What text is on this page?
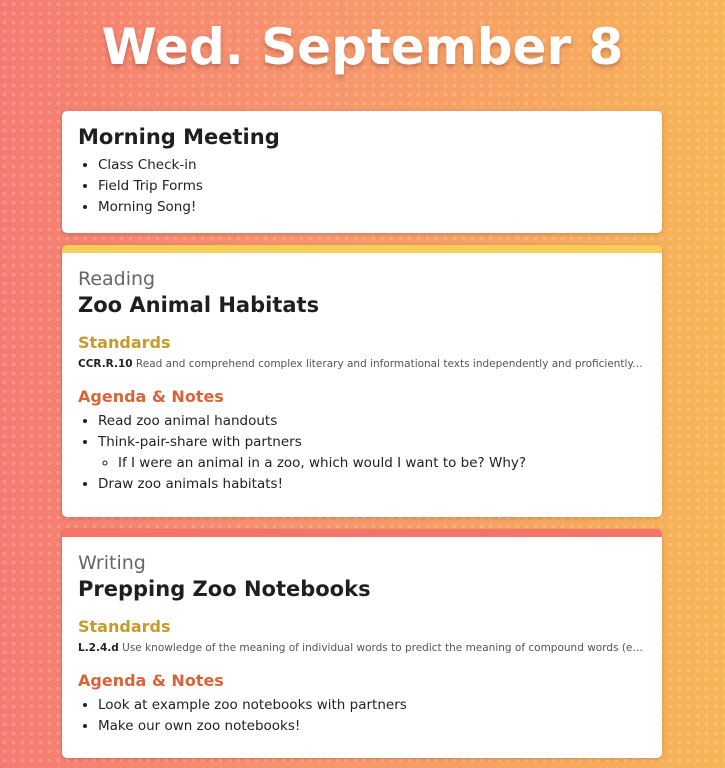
Wed. September 8
Morning Meeting
• Class Check-in
• Field Trip Forms
• Morning Song!
Reading
Zoo Animal Habitats
Standards
CCR.R.10 Read and comprehend complex literary and informational texts independently and proficiently.…
Agenda & Notes
• Read zoo animal handouts
• Think-pair-share with partners
◦ If I were an animal in a zoo, which would I want to be? Why?
• Draw zoo animals habitats!
Writing
Prepping Zoo Notebooks
Standards
L.2.4.d Use knowledge of the meaning of individual words to predict the meaning of compound words (e.…
Agenda & Notes
• Look at example zoo notebooks with partners
• Make our own zoo notebooks!
